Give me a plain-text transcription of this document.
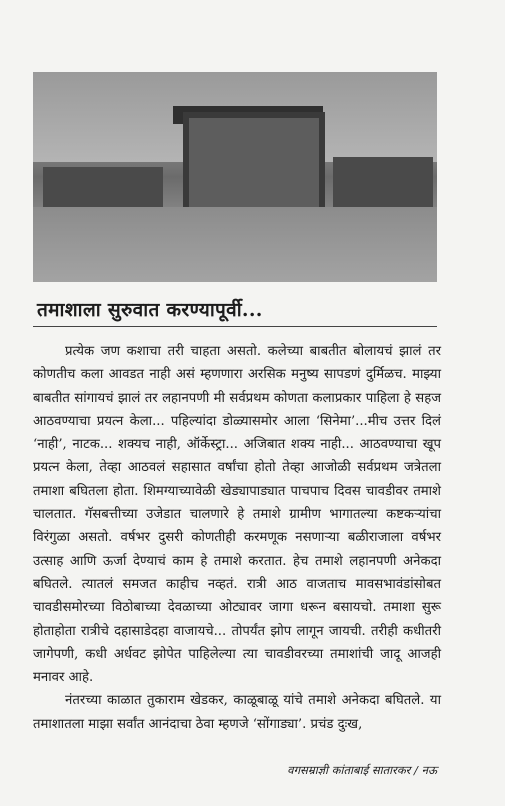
तमाशाला सुरुवात करण्यापूर्वी...

प्रत्येक जण कशाचा तरी चाहता असतो. कलेच्या बाबतीत बोलायचं झालं तर कोणतीच कला आवडत नाही असं म्हणणारा अरसिक मनुष्य सापडणं दुर्मिळच. माझ्या बाबतीत सांगायचं झालं तर लहानपणी मी सर्वप्रथम कोणता कलाप्रकार पाहिला हे सहज आठवण्याचा प्रयत्न केला... पहिल्यांदा डोळ्यासमोर आला ‘सिनेमा’...मीच उत्तर दिलं ‘नाही’, नाटक... शक्यच नाही, ऑर्केस्ट्रा... अजिबात शक्य नाही... आठवण्याचा खूप प्रयत्न केला, तेव्हा आठवलं सहासात वर्षांचा होतो तेव्हा आजोळी सर्वप्रथम जत्रेतला तमाशा बघितला होता. शिमग्याच्यावेळी खेड्यापाड्यात पाचपाच दिवस चावडीवर तमाशे चालतात. गॅसबत्तीच्या उजेडात चालणारे हे तमाशे ग्रामीण भागातल्या कष्टकऱ्यांचा विरंगुळा असतो. वर्षभर दुसरी कोणतीही करमणूक नसणाऱ्या बळीराजाला वर्षभर उत्साह आणि ऊर्जा देण्याचं काम हे तमाशे करतात. हेच तमाशे लहानपणी अनेकदा बघितले. त्यातलं समजत काहीच नव्हतं. रात्री आठ वाजताच मावसभावंडांसोबत चावडीसमोरच्या विठोबाच्या देवळाच्या ओट्यावर जागा धरून बसायचो. तमाशा सुरू होताहोता रात्रीचे दहासाडेदहा वाजायचे... तोपर्यंत झोप लागून जायची. तरीही कधीतरी जागेपणी, कधी अर्धवट झोपेत पाहिलेल्या त्या चावडीवरच्या तमाशांची जादू आजही मनावर आहे.

नंतरच्या काळात तुकाराम खेडकर, काळूबाळू यांचे तमाशे अनेकदा बघितले. या तमाशातला माझा सर्वांत आनंदाचा ठेवा म्हणजे ‘सोंगाड्या’. प्रचंड दुःख,

वगसम्राज्ञी कांताबाई सातारकर / नऊ
